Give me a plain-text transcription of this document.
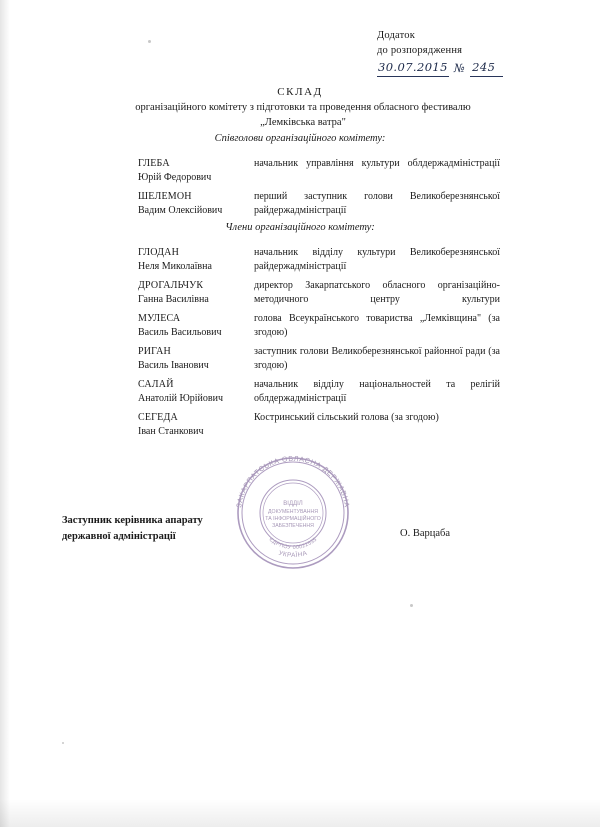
Додаток
до розпорядження
30.07.2015 № 245
СКЛАД
організаційного комітету з підготовки та проведення обласного фестивалю „Лемківська ватра"
Співголови організаційного комітету:
ГЛЕБА
Юрій Федорович
начальник управління культури облдержадміністрації
ШЕЛЕМОН
Вадим Олексійович
перший заступник голови Великоберезнянської райдержадміністрації
Члени організаційного комітету:
ГЛОДАН
Неля Миколаївна
начальник відділу культури Великоберезнянської райдержадміністрації
ДРОГАЛЬЧУК
Ганна Василівна
директор Закарпатського обласного організаційно-методичного центру культури
МУЛЕСА
Василь Васильович
голова Всеукраїнського товариства „Лемківщина" (за згодою)
РИГАН
Василь Іванович
заступник голови Великоберезнянської районної ради (за згодою)
САЛАЙ
Анатолій Юрійович
начальник відділу національностей та релігій облдержадміністрації
СЕГЕДА
Іван Станкович
Костринський сільський голова (за згодою)
ЗАКАРПАТСЬКА ОБЛАСНА ДЕРЖАВНА
УКРАЇНА
ЄДРПОУ 00022535
ВІДДІЛ
ДОКУМЕНТУВАННЯ
ТА ІНФОРМАЦІЙНОГО
ЗАБЕЗПЕЧЕННЯ
Заступник керівника апарату
державної адміністрації	О. Варцаба
